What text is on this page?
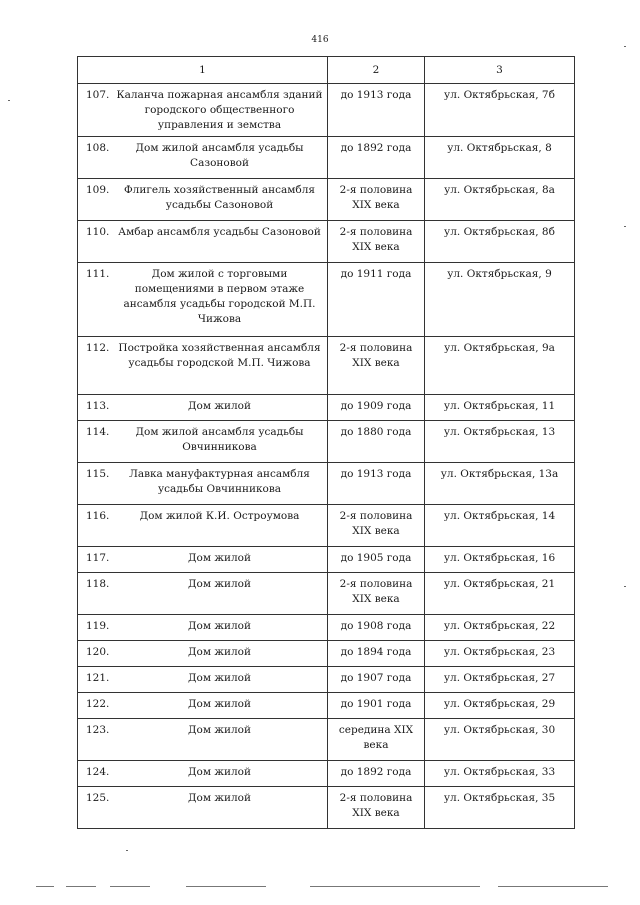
416
1	2	3

107. Каланча пожарная ансамбля зданий городского общественного управления и земства	до 1913 года	ул. Октябрьская, 7б

108. Дом жилой ансамбля усадьбы Сазоновой	до 1892 года	ул. Октябрьская, 8

109. Флигель хозяйственный ансамбля усадьбы Сазоновой	2-я половина XIX века	ул. Октябрьская, 8а

110. Амбар ансамбля усадьбы Сазоновой	2-я половина XIX века	ул. Октябрьская, 8б

111. Дом жилой с торговыми помещениями в первом этаже ансамбля усадьбы городской М.П. Чижова	до 1911 года	ул. Октябрьская, 9

112. Постройка хозяйственная ансамбля усадьбы городской М.П. Чижова	2-я половина XIX века	ул. Октябрьская, 9а

113. Дом жилой	до 1909 года	ул. Октябрьская, 11

114. Дом жилой ансамбля усадьбы Овчинникова	до 1880 года	ул. Октябрьская, 13

115. Лавка мануфактурная ансамбля усадьбы Овчинникова	до 1913 года	ул. Октябрьская, 13а

116. Дом жилой К.И. Остроумова	2-я половина XIX века	ул. Октябрьская, 14

117. Дом жилой	до 1905 года	ул. Октябрьская, 16

118. Дом жилой	2-я половина XIX века	ул. Октябрьская, 21

119. Дом жилой	до 1908 года	ул. Октябрьская, 22

120. Дом жилой	до 1894 года	ул. Октябрьская, 23

121. Дом жилой	до 1907 года	ул. Октябрьская, 27

122. Дом жилой	до 1901 года	ул. Октябрьская, 29

123. Дом жилой	середина XIX века	ул. Октябрьская, 30

124. Дом жилой	до 1892 года	ул. Октябрьская, 33

125. Дом жилой	2-я половина XIX века	ул. Октябрьская, 35
